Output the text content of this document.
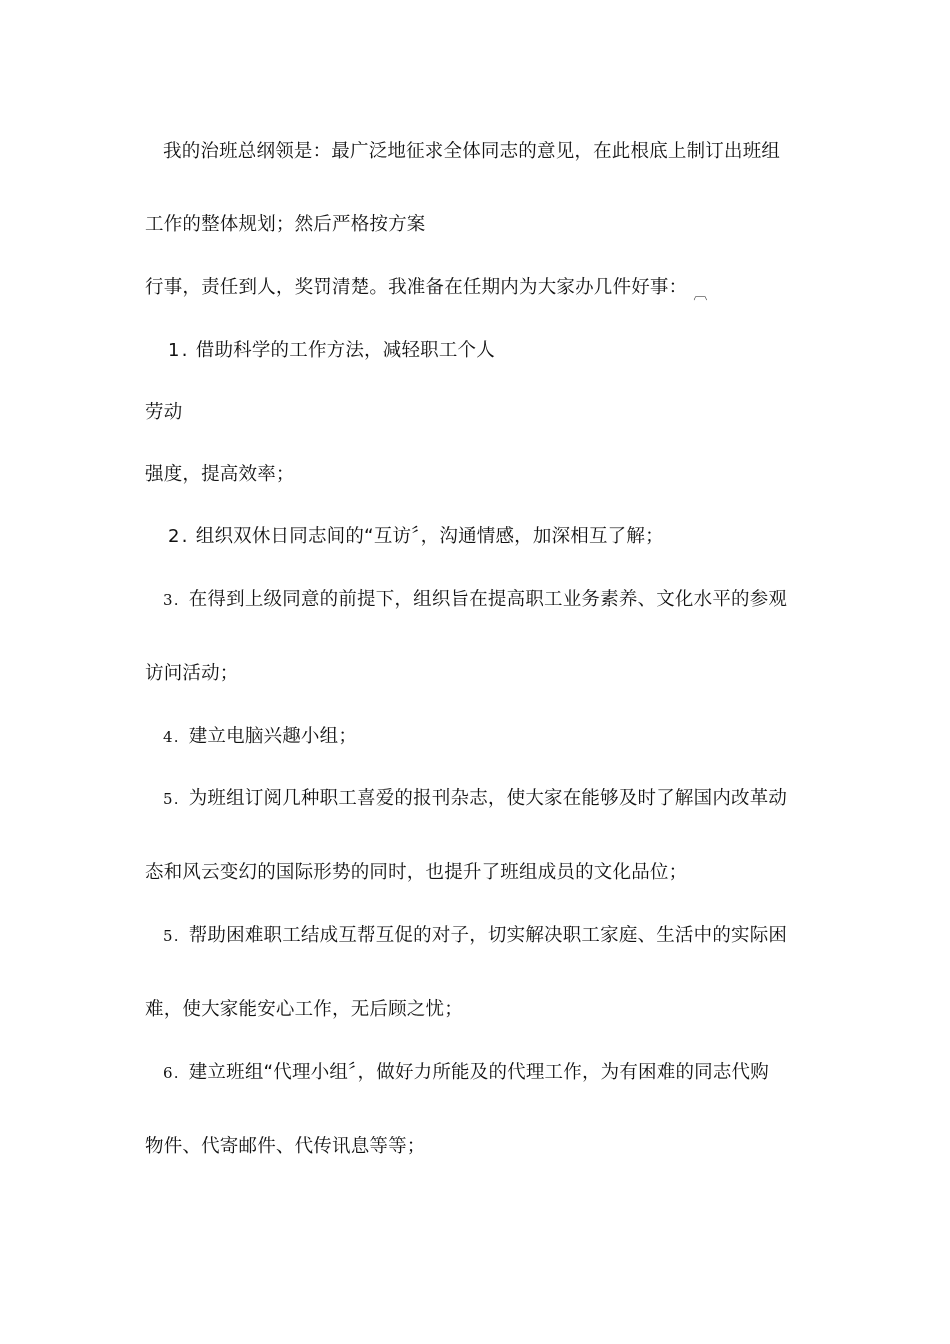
我的治班总纲领是：最广泛地征求全体同志的意见，在此根底上制订出班组
工作的整体规划；然后严格按方案
行事，责任到人，奖罚清楚。我准备在任期内为大家办几件好事： $_︹$
1 . 借助科学的工作方法，减轻职工个人
劳动
强度，提高效率；
2 . 组织双休日同志间的“互访〞，沟通情感，加深相互了解；
3. 在得到上级同意的前提下，组织旨在提高职工业务素养、文化水平的参观
访问活动；
4. 建立电脑兴趣小组；
5. 为班组订阅几种职工喜爱的报刊杂志，使大家在能够及时了解国内改革动
态和风云变幻的国际形势的同时，也提升了班组成员的文化品位；
5. 帮助困难职工结成互帮互促的对子，切实解决职工家庭、生活中的实际困
难，使大家能安心工作，无后顾之忧；
6. 建立班组“代理小组〞，做好力所能及的代理工作，为有困难的同志代购
物件、代寄邮件、代传讯息等等；
